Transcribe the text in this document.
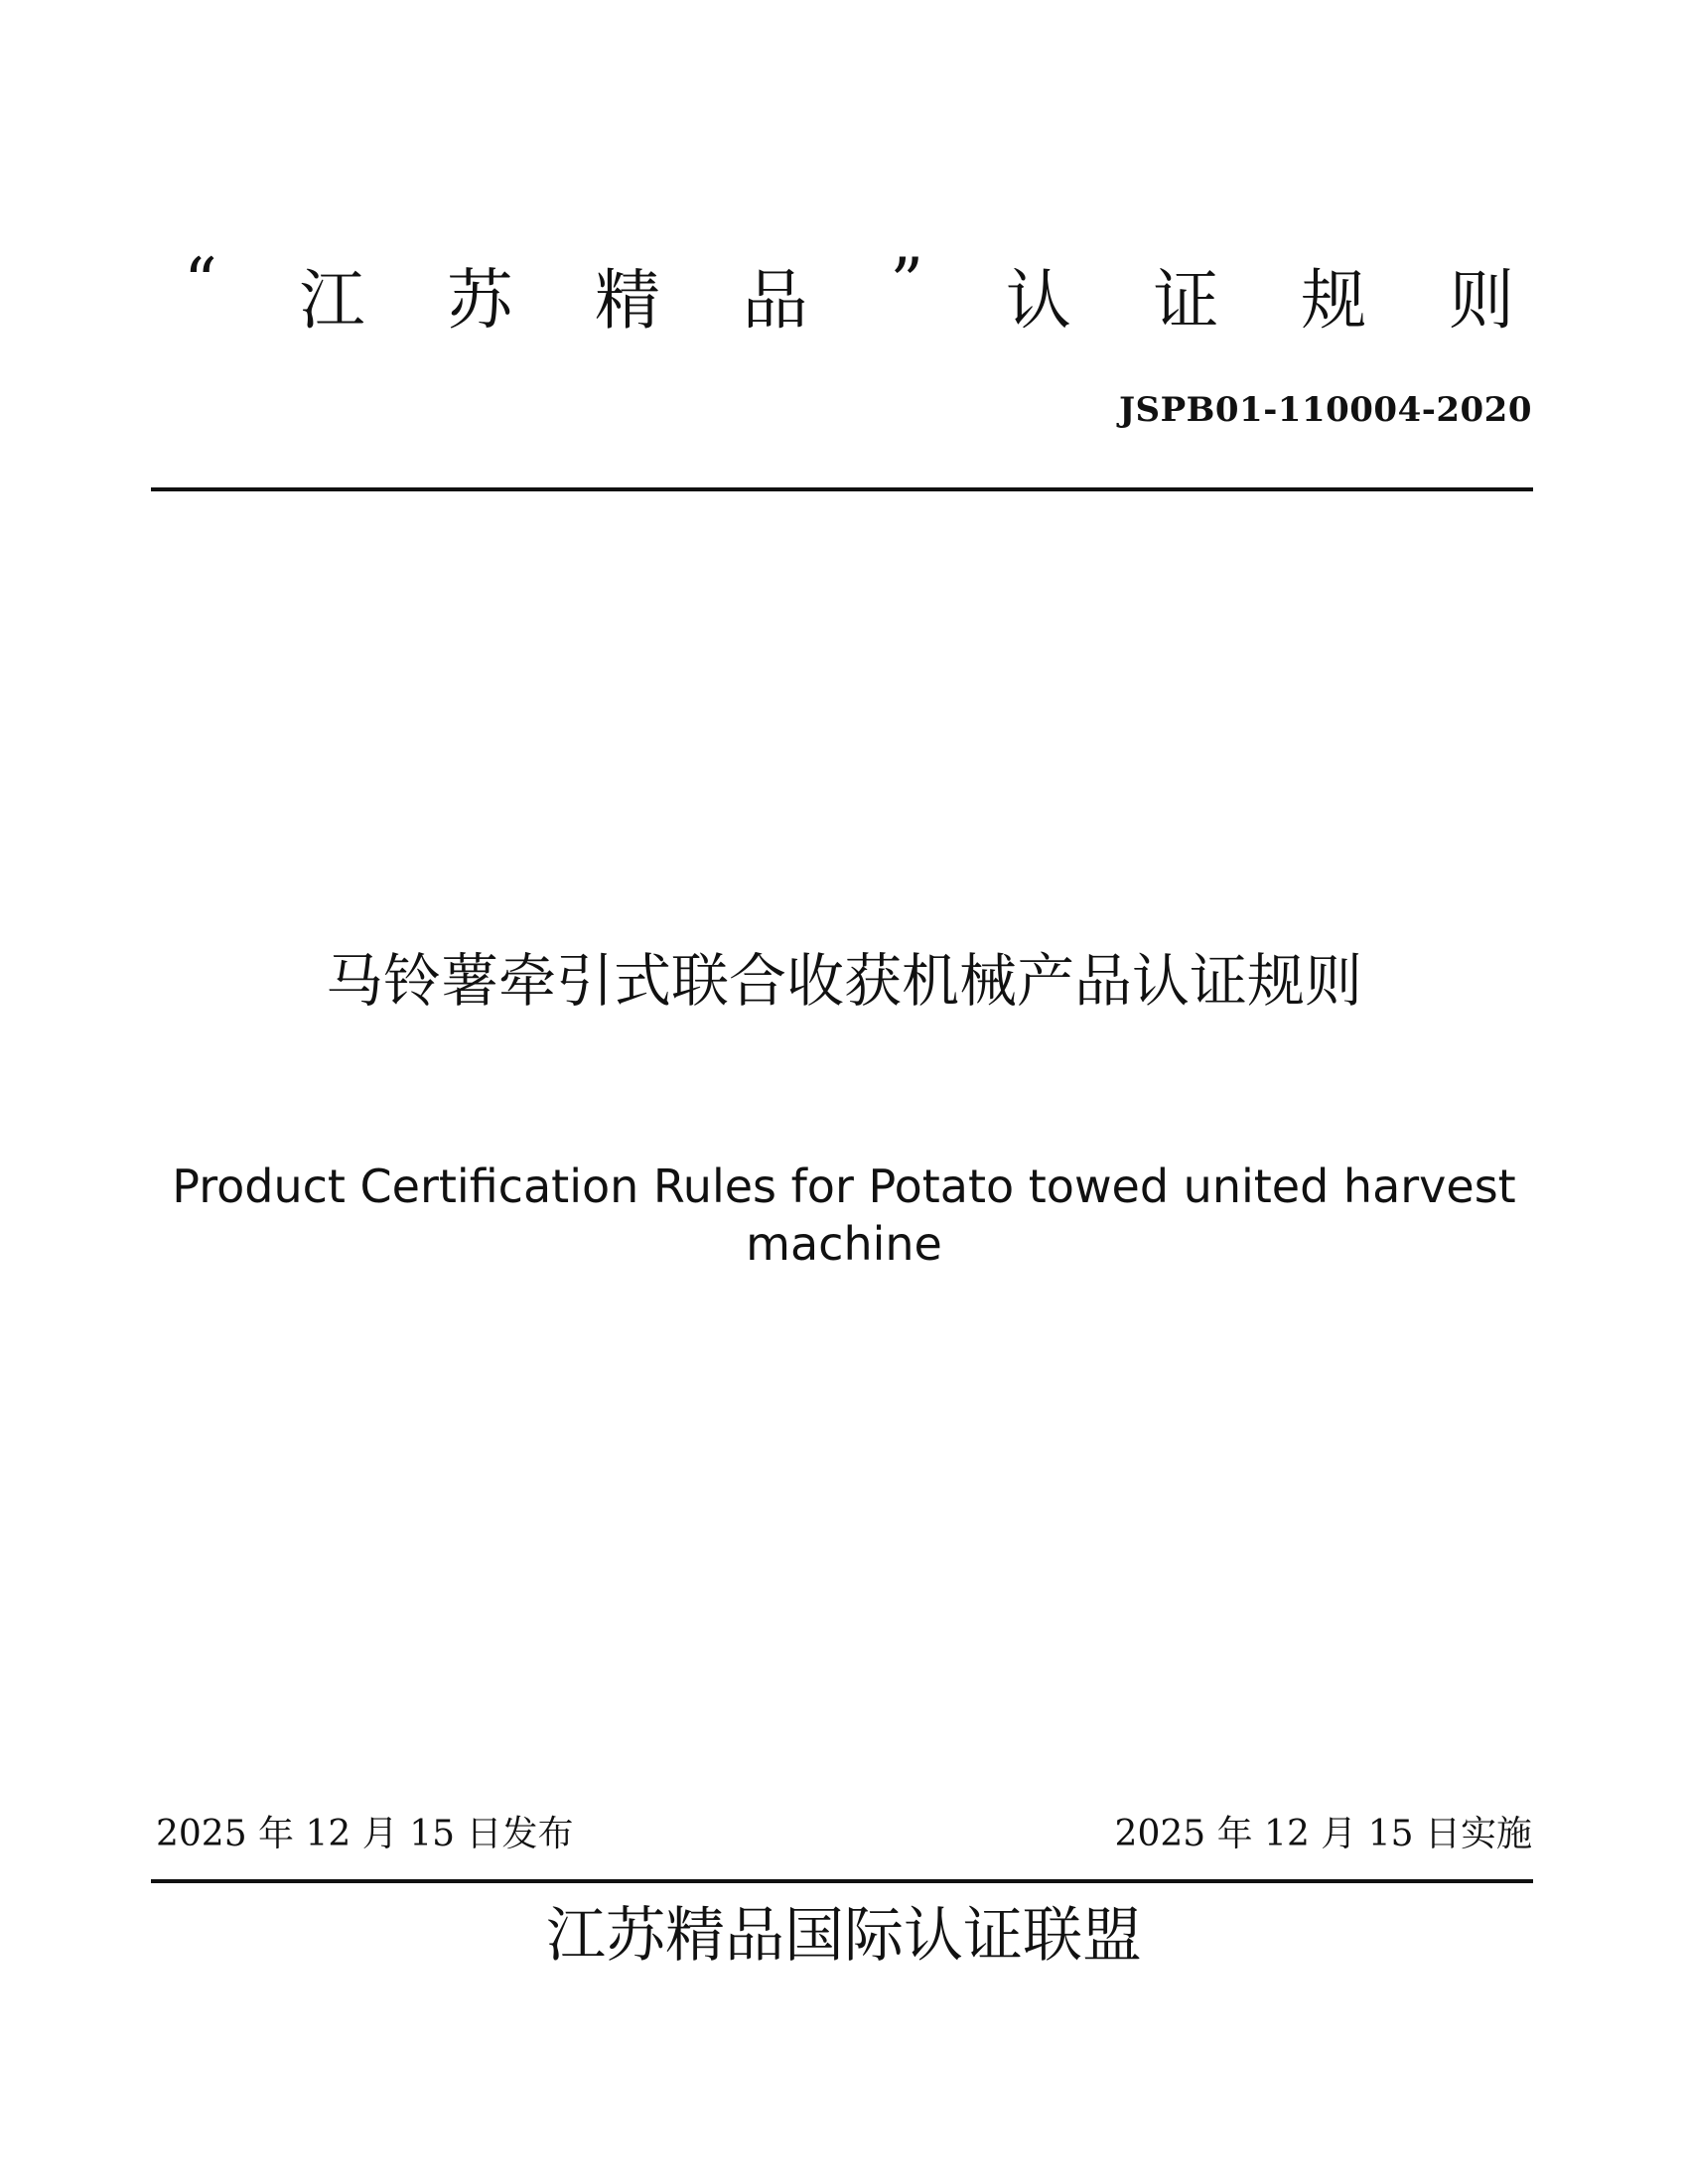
“ 江 苏 精 品 ” 认 证 规 则
JSPB01-110004-2020
马铃薯牵引式联合收获机械产品认证规则
Product Certification Rules for Potato towed united harvest
machine
2025 年 12 月 15 日发布	2025 年 12 月 15 日实施
江苏精品国际认证联盟
